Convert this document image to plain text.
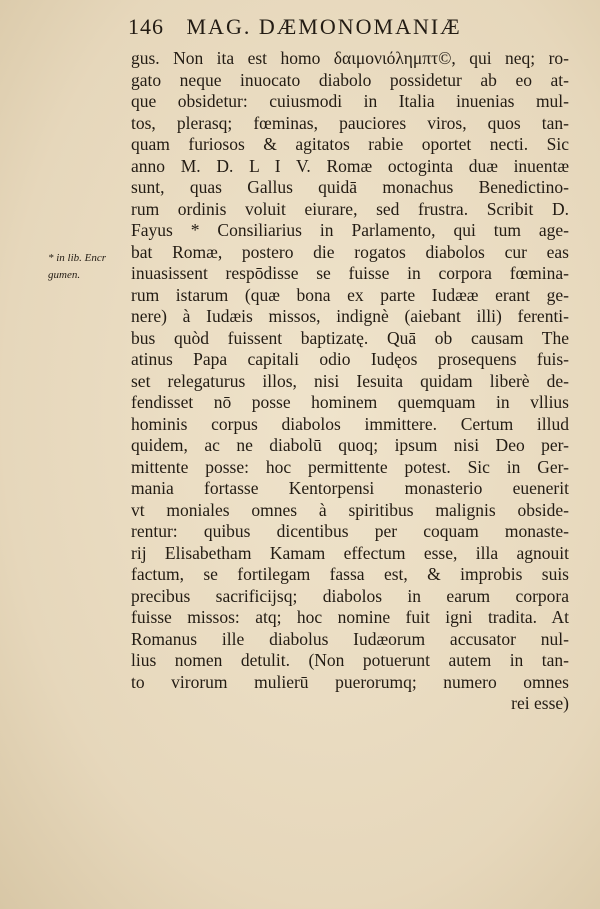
146 MAG. DÆMONOMANIÆ
* in lib. Encr gumen.
gus. Non ita est homo δαιμονιόλημπτ©, qui neq; ro-
gato neque inuocato diabolo possidetur ab eo at-
que obsidetur: cuiusmodi in Italia inuenias mul-
tos, plerasq; fœminas, pauciores viros, quos tan-
quam furiosos & agitatos rabie oportet necti. Sic
anno M. D. L I V. Romæ octoginta duæ inuentæ
sunt, quas Gallus quidā monachus Benedictino-
rum ordinis voluit eiurare, sed frustra. Scribit D.
Fayus * Consiliarius in Parlamento, qui tum age-
bat Romæ, postero die rogatos diabolos cur eas
inuasissent respōdisse se fuisse in corpora fœmina-
rum istarum (quæ bona ex parte Iudææ erant ge-
nere) à Iudæis missos, indignè (aiebant illi) ferenti-
bus quòd fuissent baptizatę. Quā ob causam The
atinus Papa capitali odio Iudęos prosequens fuis-
set relegaturus illos, nisi Iesuita quidam liberè de-
fendisset nō posse hominem quemquam in vllius
hominis corpus diabolos immittere. Certum illud
quidem, ac ne diabolū quoq; ipsum nisi Deo per-
mittente posse: hoc permittente potest. Sic in Ger-
mania fortasse Kentorpensi monasterio euenerit
vt moniales omnes à spiritibus malignis obside-
rentur: quibus dicentibus per coquam monaste-
rij Elisabetham Kamam effectum esse, illa agnouit
factum, se fortilegam fassa est, & improbis suis
precibus sacrificijsq; diabolos in earum corpora
fuisse missos: atq; hoc nomine fuit igni tradita. At
Romanus ille diabolus Iudæorum accusator nul-
lius nomen detulit. (Non potuerunt autem in tan-
to virorum mulierū puerorumq; numero omnes
rei esse)
